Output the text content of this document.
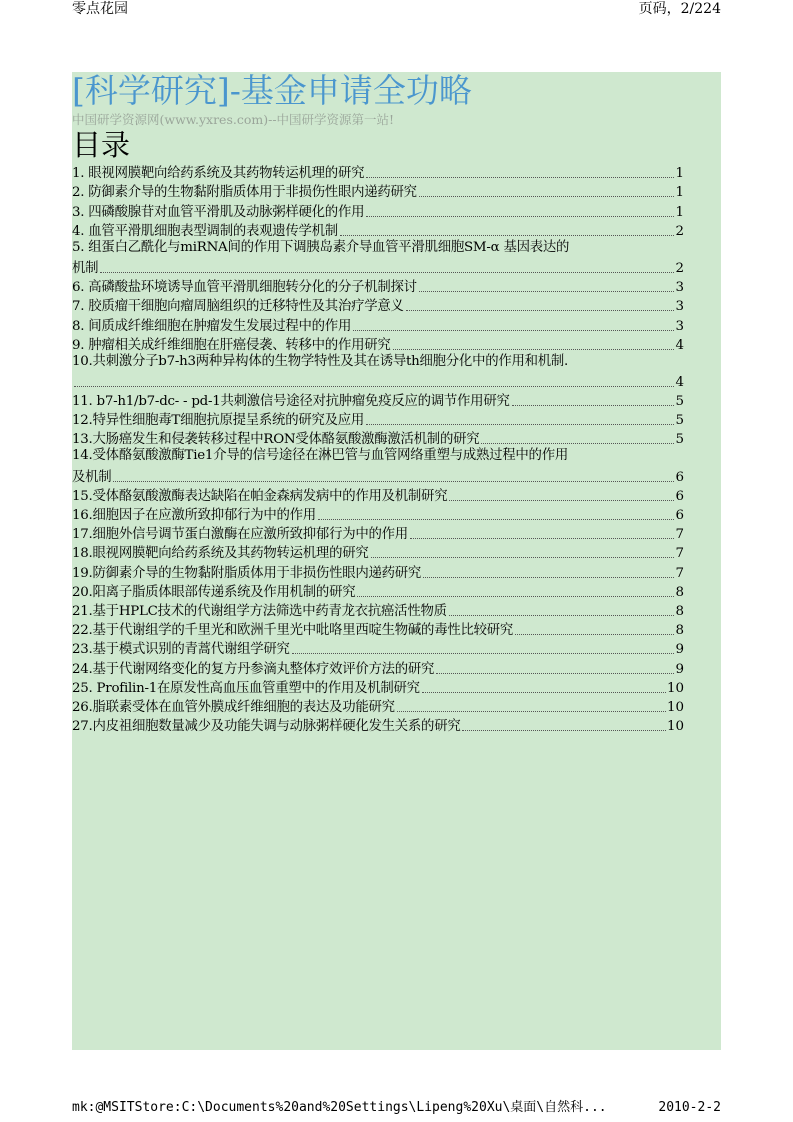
零点花园	页码，2/224
[科学研究]-基金申请全功略
中国研学资源网(www.yxres.com)--中国研学资源第一站!
目录
1. 眼视网膜靶向给药系统及其药物转运机理的研究	1
2. 防御素介导的生物黏附脂质体用于非损伤性眼内递药研究	1
3. 四磷酸腺苷对血管平滑肌及动脉粥样硬化的作用	1
4. 血管平滑肌细胞表型调制的表观遗传学机制	2
5. 组蛋白乙酰化与miRNA间的作用下调胰岛素介导血管平滑肌细胞SM-α 基因表达的
机制	2
6. 高磷酸盐环境诱导血管平滑肌细胞转分化的分子机制探讨	3
7. 胶质瘤干细胞向瘤周脑组织的迁移特性及其治疗学意义	3
8. 间质成纤维细胞在肿瘤发生发展过程中的作用	3
9. 肿瘤相关成纤维细胞在肝癌侵袭、转移中的作用研究	4
10.共刺激分子b7-h3两种异构体的生物学特性及其在诱导th细胞分化中的作用和机制.
4
11. b7-h1/b7-dc- - pd-1共刺激信号途径对抗肿瘤免疫反应的调节作用研究	5
12.特异性细胞毒T细胞抗原提呈系统的研究及应用	5
13.大肠癌发生和侵袭转移过程中RON受体酪氨酸激酶激活机制的研究	5
14.受体酪氨酸激酶Tie1介导的信号途径在淋巴管与血管网络重塑与成熟过程中的作用
及机制	6
15.受体酪氨酸激酶表达缺陷在帕金森病发病中的作用及机制研究	6
16.细胞因子在应激所致抑郁行为中的作用	6
17.细胞外信号调节蛋白激酶在应激所致抑郁行为中的作用	7
18.眼视网膜靶向给药系统及其药物转运机理的研究	7
19.防御素介导的生物黏附脂质体用于非损伤性眼内递药研究	7
20.阳离子脂质体眼部传递系统及作用机制的研究	8
21.基于HPLC技术的代谢组学方法筛选中药青龙衣抗癌活性物质	8
22.基于代谢组学的千里光和欧洲千里光中吡咯里西啶生物碱的毒性比较研究	8
23.基于模式识别的青蒿代谢组学研究	9
24.基于代谢网络变化的复方丹参滴丸整体疗效评价方法的研究	9
25. Profilin-1在原发性高血压血管重塑中的作用及机制研究	10
26.脂联素受体在血管外膜成纤维细胞的表达及功能研究	10
27.内皮祖细胞数量减少及功能失调与动脉粥样硬化发生关系的研究	10
mk:@MSITStore:C:\Documents%20and%20Settings\Lipeng%20Xu\桌面\自然科...	2010-2-2
